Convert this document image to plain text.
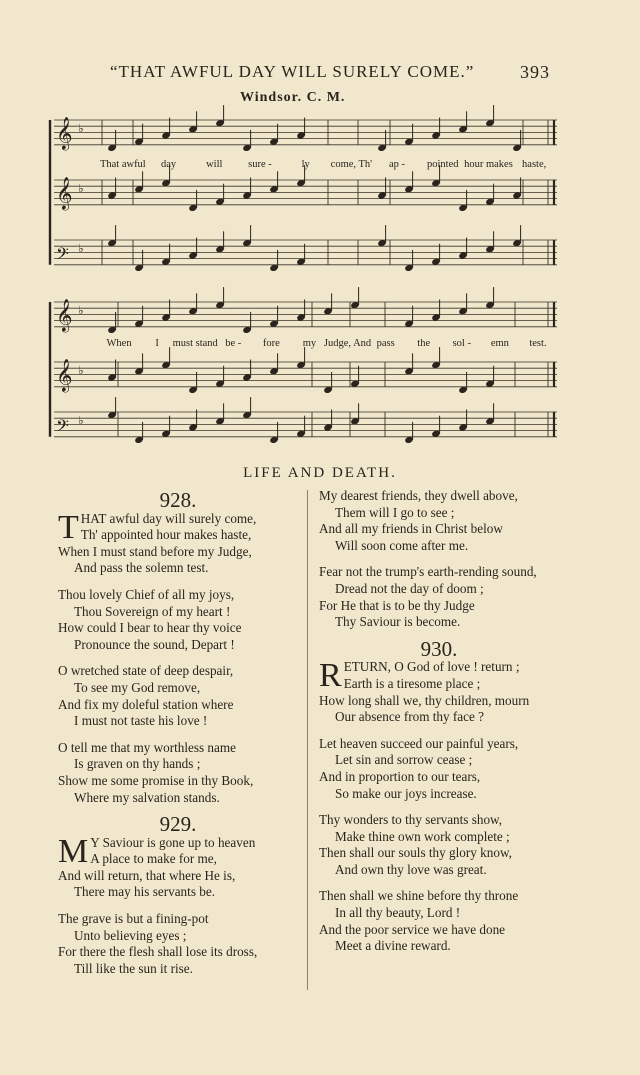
“THAT AWFUL DAY WILL SURELY COME.”	393
Windsor. C. M.
𝄞 ♭
𝄞 ♭
𝄢 ♭
That awful day	will sure -	ly come, Th' ap - pointed hour makes haste,
𝄞 ♭
𝄞 ♭
𝄢 ♭
When I must stand be - fore my Judge, And pass the sol - emn test.
LIFE AND DEATH.
928.
T HAT awful day will surely come,
Th' appointed hour makes haste,
When I must stand before my Judge,
And pass the solemn test.
Thou lovely Chief of all my joys,
Thou Sovereign of my heart !
How could I bear to hear thy voice
Pronounce the sound, Depart !
O wretched state of deep despair,
To see my God remove,
And fix my doleful station where
I must not taste his love !
O tell me that my worthless name
Is graven on thy hands ;
Show me some promise in thy Book,
Where my salvation stands.
929.
M Y Saviour is gone up to heaven
A place to make for me,
And will return, that where He is,
There may his servants be.
The grave is but a fining-pot
Unto believing eyes ;
For there the flesh shall lose its dross,
Till like the sun it rise.
My dearest friends, they dwell above,
Them will I go to see ;
And all my friends in Christ below
Will soon come after me.
Fear not the trump's earth-rending sound,
Dread not the day of doom ;
For He that is to be thy Judge
Thy Saviour is become.
930.
R ETURN, O God of love ! return ;
Earth is a tiresome place ;
How long shall we, thy children, mourn
Our absence from thy face ?
Let heaven succeed our painful years,
Let sin and sorrow cease ;
And in proportion to our tears,
So make our joys increase.
Thy wonders to thy servants show,
Make thine own work complete ;
Then shall our souls thy glory know,
And own thy love was great.
Then shall we shine before thy throne
In all thy beauty, Lord !
And the poor service we have done
Meet a divine reward.
